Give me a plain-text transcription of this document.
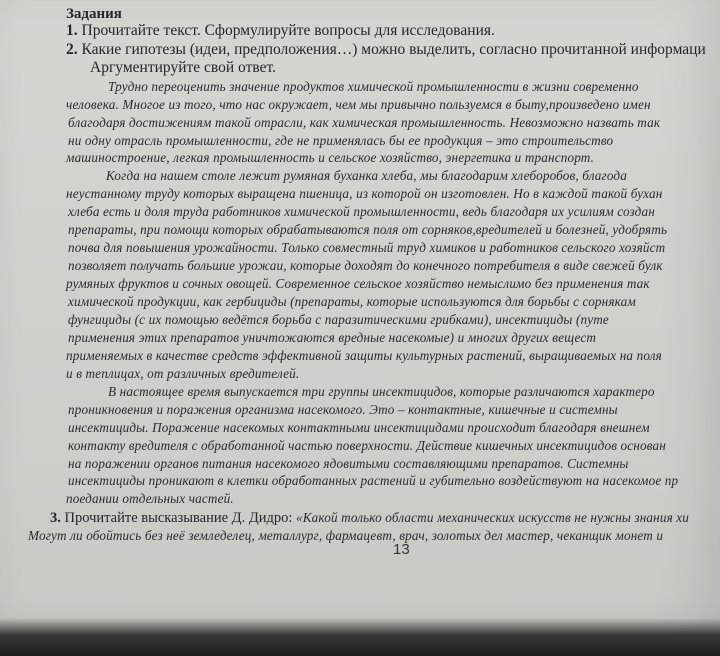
Задания
1. Прочитайте текст. Сформулируйте вопросы для исследования.
2. Какие гипотезы (идеи, предположения…) можно выделить, согласно прочитанной информаци
Аргументируйте свой ответ.
Трудно переоценить значение продуктов химической промышленности в жизни современно
человека. Многое из того, что нас окружает, чем мы привычно пользуемся в быту,произведено имен
благодаря достижениям такой отрасли, как химическая промышленность. Невозможно назвать так
ни одну отрасль промышленности, где не применялась бы ее продукция – это строительство
машиностроение, легкая промышленность и сельское хозяйство, энергетика и транспорт.
Когда на нашем столе лежит румяная буханка хлеба, мы благодарим хлеборобов, благода
неустанному труду которых выращена пшеница, из которой он изготовлен. Но в каждой такой бухан
хлеба есть и доля труда работников химической промышленности, ведь благодаря их усилиям создан
препараты, при помощи которых обрабатываются поля от сорняков,вредителей и болезней, удобрять
почва для повышения урожайности. Только совместный труд химиков и работников сельского хозяйст
позволяет получать большие урожаи, которые доходят до конечного потребителя в виде свежей булк
румяных фруктов и сочных овощей. Современное сельское хозяйство немыслимо без применения так
химической продукции, как гербициды (препараты, которые используются для борьбы с сорнякам
фунгициды (с их помощью ведётся борьба с паразитическими грибками), инсектициды (путе
применения этих препаратов уничтожаются вредные насекомые) и многих других вещест
применяемых в качестве средств эффективной защиты культурных растений, выращиваемых на поля
и в теплицах, от различных вредителей.
В настоящее время выпускается три группы инсектицидов, которые различаются характеро
проникновения и поражения организма насекомого. Это – контактные, кишечные и системны
инсектициды. Поражение насекомых контактными инсектицидами происходит благодаря внешнем
контакту вредителя с обработанной частью поверхности. Действие кишечных инсектицидов основан
на поражении органов питания насекомого ядовитыми составляющими препаратов. Системны
инсектициды проникают в клетки обработанных растений и губительно воздействуют на насекомое пр
поедании отдельных частей.
3. Прочитайте высказывание Д. Дидро: «Какой только области механических искусств не нужны знания хи
Могут ли обойтись без неё земледелец, металлург, фармацевт, врач, золотых дел мастер, чеканщик монет и
13
